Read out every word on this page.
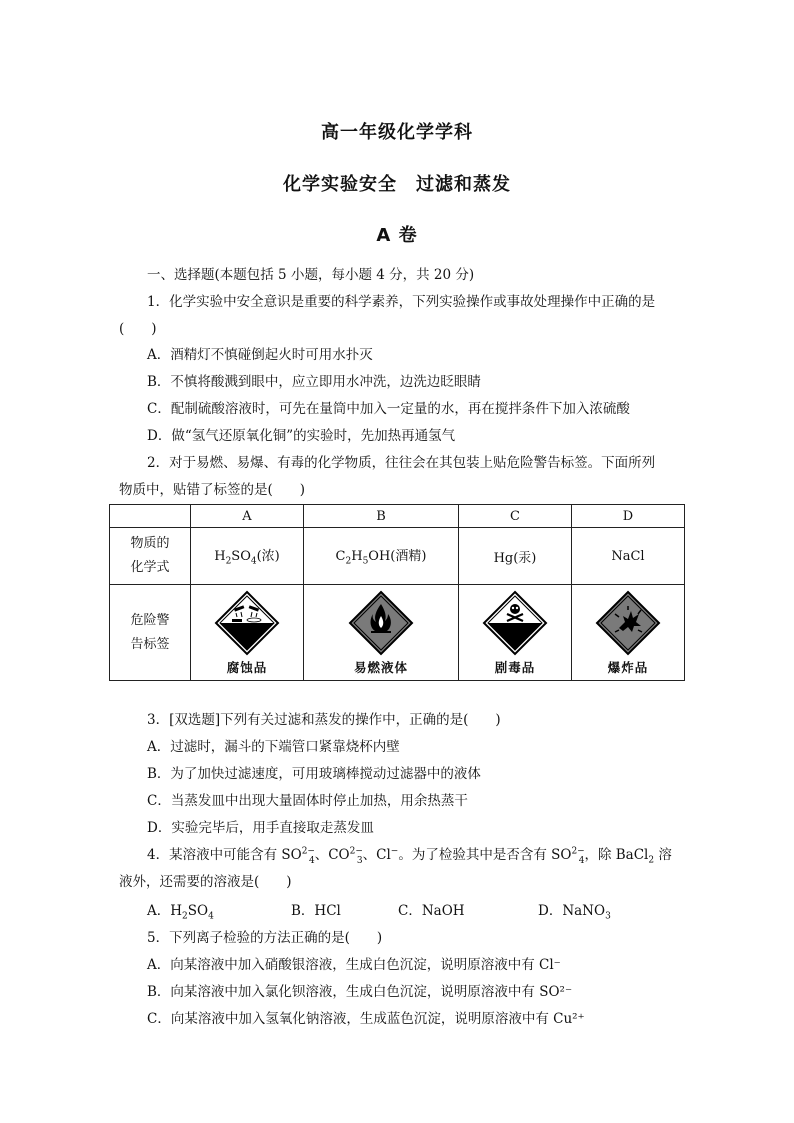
高一年级化学学科
化学实验安全　过滤和蒸发
A 卷
一、选择题(本题包括 5 小题，每小题 4 分，共 20 分)
1．化学实验中安全意识是重要的科学素养，下列实验操作或事故处理操作中正确的是
(　　)
A．酒精灯不慎碰倒起火时可用水扑灭
B．不慎将酸溅到眼中，应立即用水冲洗，边洗边眨眼睛
C．配制硫酸溶液时，可先在量筒中加入一定量的水，再在搅拌条件下加入浓硫酸
D．做“氢气还原氧化铜”的实验时，先加热再通氢气
2．对于易燃、易爆、有毒的化学物质，往往会在其包装上贴危险警告标签。下面所列
物质中，贴错了标签的是(　　)
	A	B	C	D
物质的
化学式	$H_2SO_4$(浓)	$C_2H_5OH$(酒精)	Hg(汞)	NaCl
危险警
告标签	腐蚀品	易燃液体	剧毒品	爆炸品
3．[双选题]下列有关过滤和蒸发的操作中，正确的是(　　)
A．过滤时，漏斗的下端管口紧靠烧杯内壁
B．为了加快过滤速度，可用玻璃棒搅动过滤器中的液体
C．当蒸发皿中出现大量固体时停止加热，用余热蒸干
D．实验完毕后，用手直接取走蒸发皿
4．某溶液中可能含有 $SO^{2-}_4$、$CO^{2-}_3$、Cl−。为了检验其中是否含有 $SO^{2-}_4$，除 BaCl$_2$ 溶
液外，还需要的溶液是(　　)
A．$H_2SO_4$	B．HCl	C．NaOH	D．NaNO$_3$
5．下列离子检验的方法正确的是(　　)
A．向某溶液中加入硝酸银溶液，生成白色沉淀，说明原溶液中有 Cl⁻
B．向某溶液中加入氯化钡溶液，生成白色沉淀，说明原溶液中有 SO²⁻
C．向某溶液中加入氢氧化钠溶液，生成蓝色沉淀，说明原溶液中有 Cu²⁺
